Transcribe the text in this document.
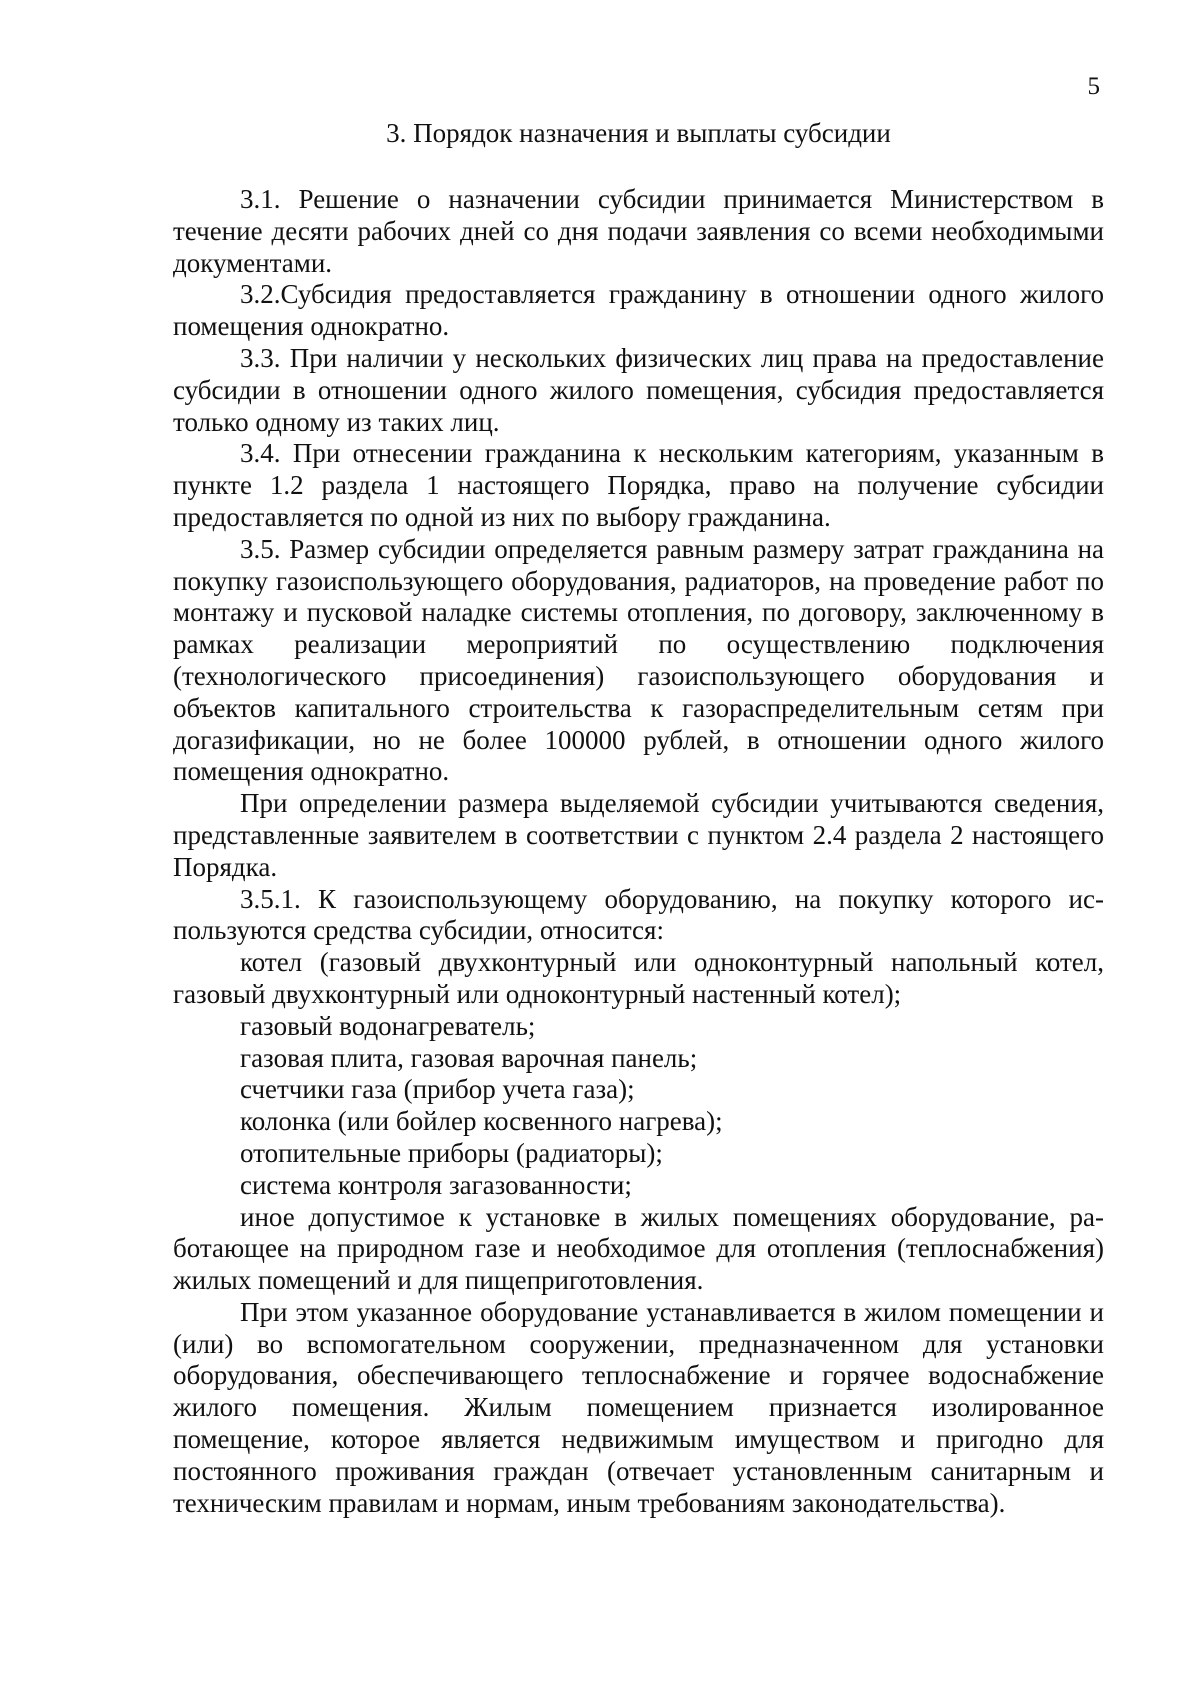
5
3. Порядок назначения и выплаты субсидии

3.1. Решение о назначении субсидии принимается Министерством в течение десяти рабочих дней со дня подачи заявления со всеми необходимыми документами.

3.2.Субсидия предоставляется гражданину в отношении одного жилого помещения однократно.

3.3. При наличии у нескольких физических лиц права на предоставление субсидии в отношении одного жилого помещения, субсидия предоставляется только одному из таких лиц.

3.4. При отнесении гражданина к нескольким категориям, указанным в пункте 1.2 раздела 1 настоящего Порядка, право на получение субсидии предоставляется по одной из них по выбору гражданина.

3.5. Размер субсидии определяется равным размеру затрат гражданина на покупку газоиспользующего оборудования, радиаторов, на проведение работ по монтажу и пусковой наладке системы отопления, по договору, заключенному в рамках реализации мероприятий по осуществлению подключения (технологического присоединения) газоиспользующего оборудования и объектов капитального строительства к газораспределительным сетям при догазификации, но не более 100000 рублей, в отношении одного жилого помещения однократно.

При определении размера выделяемой субсидии учитываются сведения, представленные заявителем в соответствии с пунктом 2.4 раздела 2 настоящего Порядка.

3.5.1. К газоиспользующему оборудованию, на покупку которого используются средства субсидии, относится:

котел (газовый двухконтурный или одноконтурный напольный котел, газовый двухконтурный или одноконтурный настенный котел);

газовый водонагреватель;

газовая плита, газовая варочная панель;

счетчики газа (прибор учета газа);

колонка (или бойлер косвенного нагрева);

отопительные приборы (радиаторы);

система контроля загазованности;

иное допустимое к установке в жилых помещениях оборудование, работающее на природном газе и необходимое для отопления (теплоснабжения) жилых помещений и для пищеприготовления.

При этом указанное оборудование устанавливается в жилом помещении и (или) во вспомогательном сооружении, предназначенном для установки оборудования, обеспечивающего теплоснабжение и горячее водоснабжение жилого помещения. Жилым помещением признается изолированное помещение, которое является недвижимым имуществом и пригодно для постоянного проживания граждан (отвечает установленным санитарным и техническим правилам и нормам, иным требованиям законодательства).
